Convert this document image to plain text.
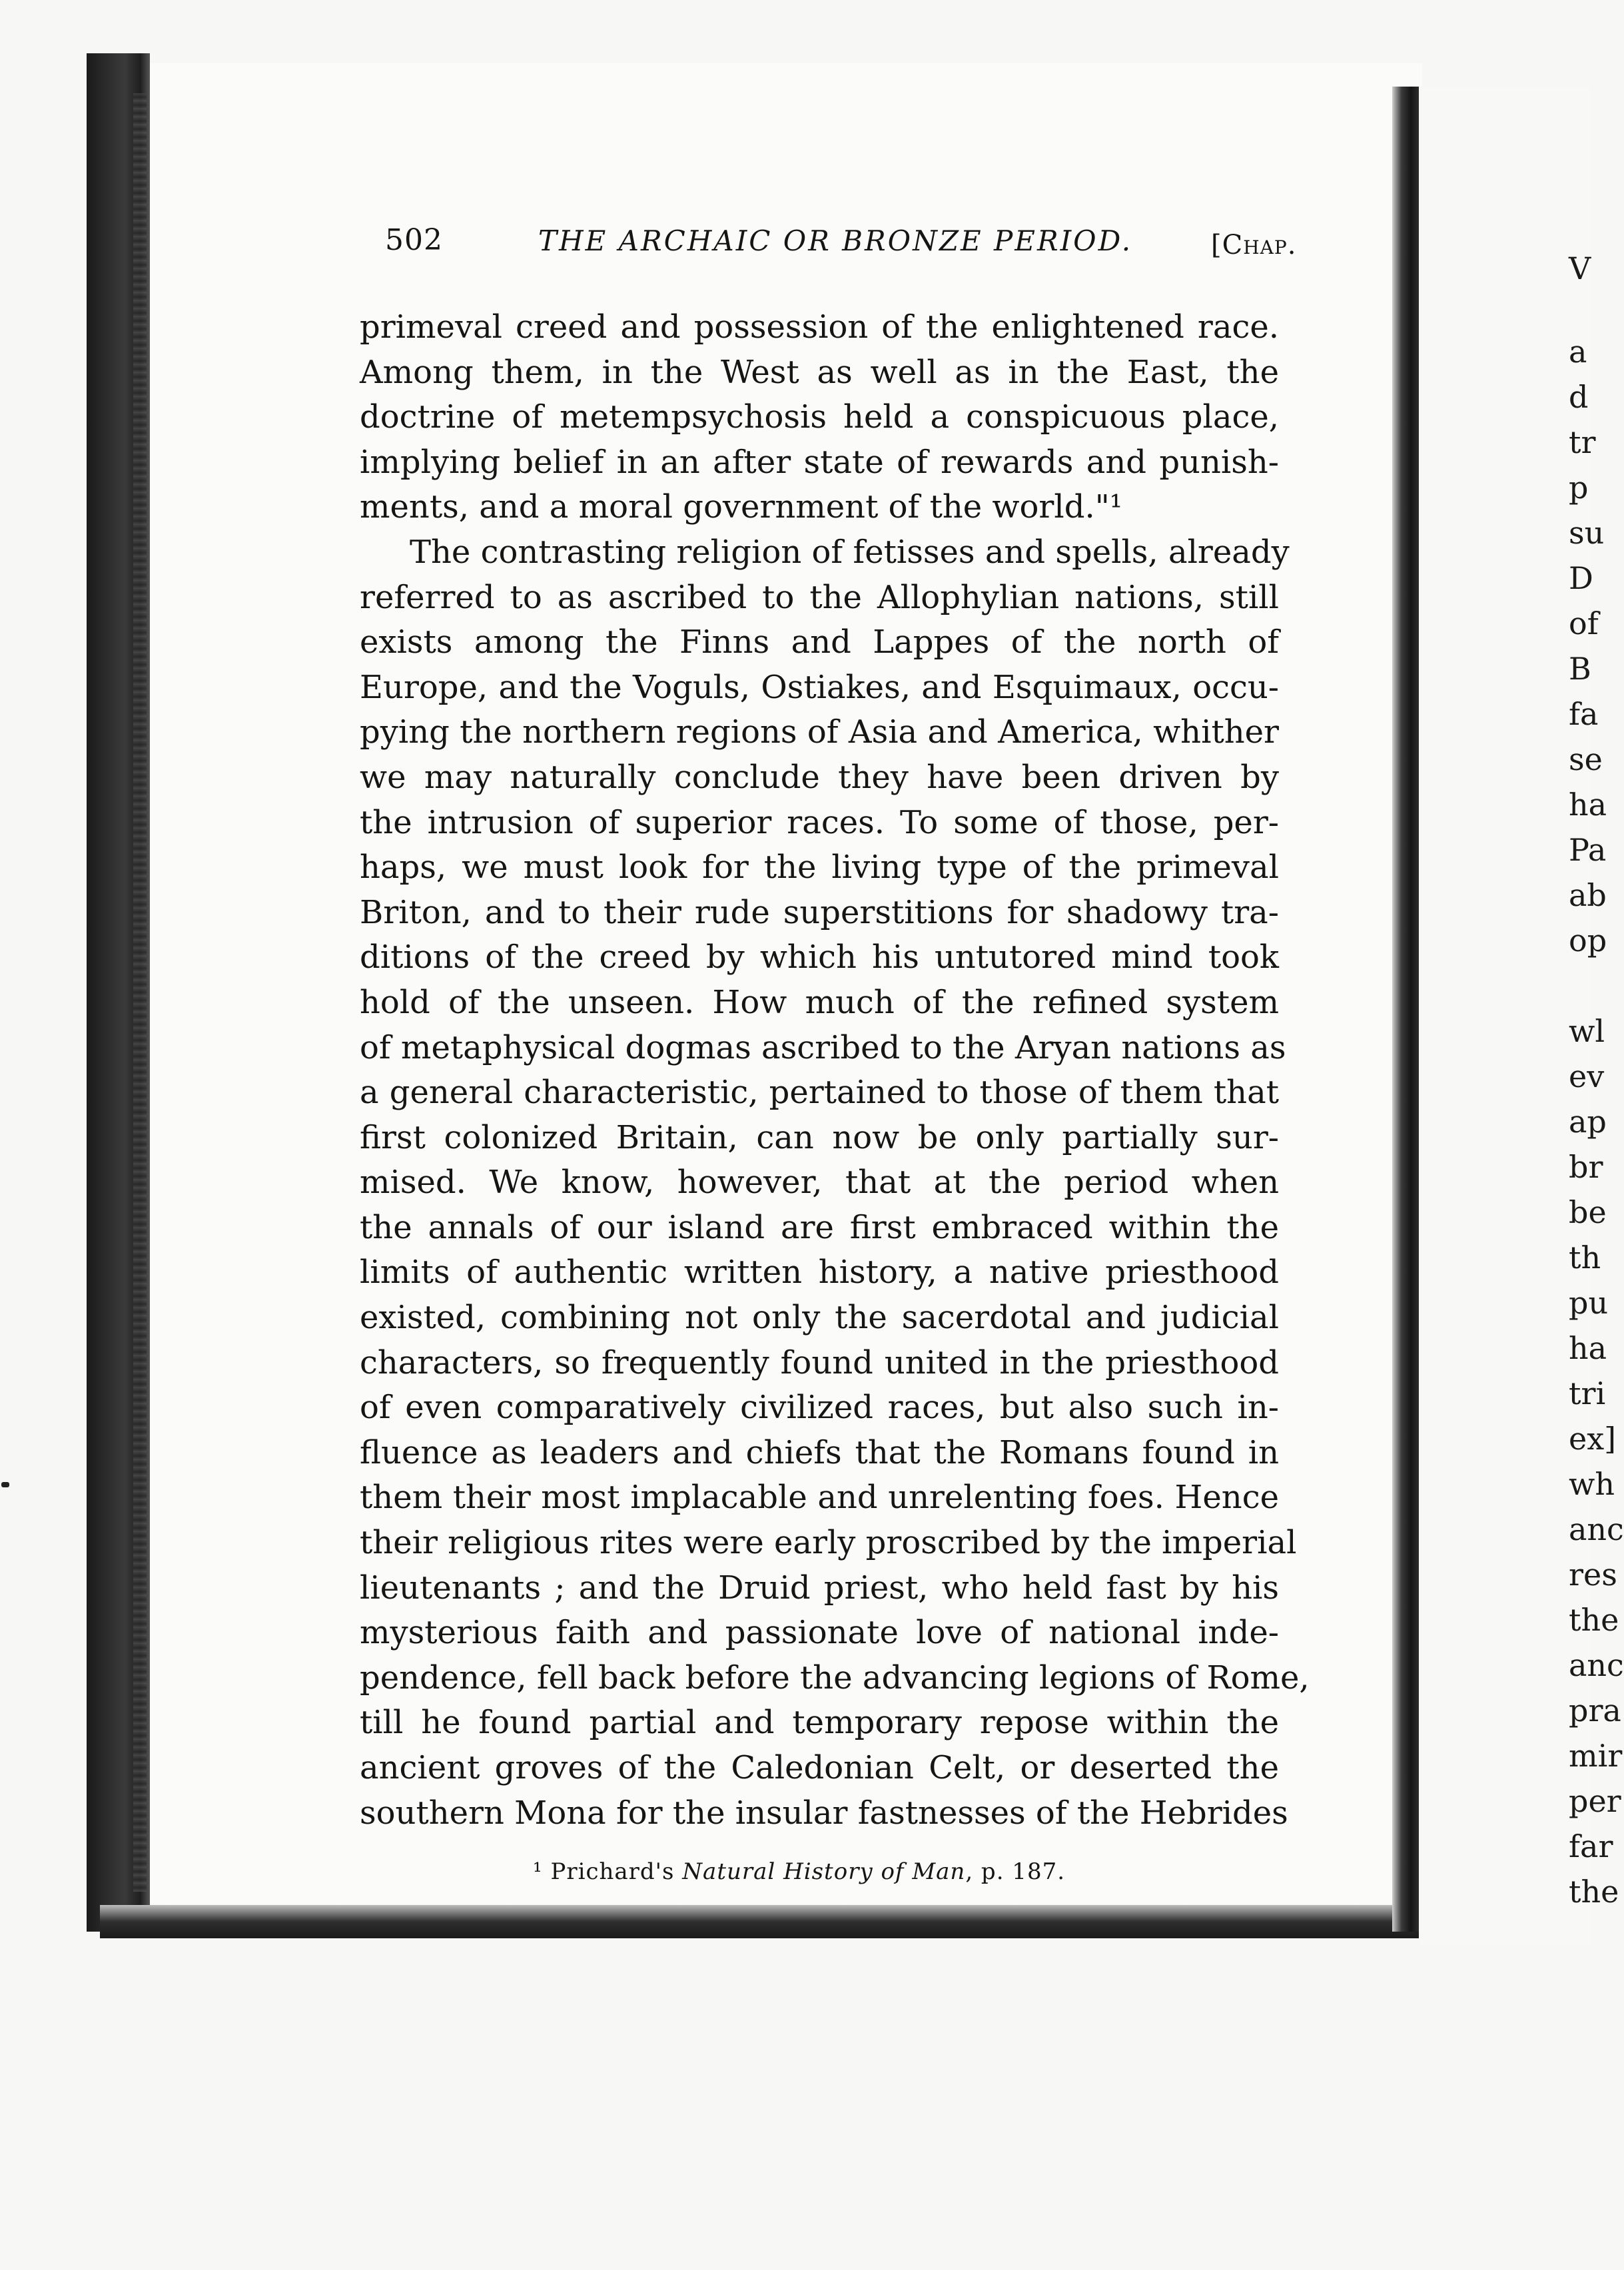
502	THE ARCHAIC OR BRONZE PERIOD.	[Chap.
primeval creed and possession of the enlightened race.
Among them, in the West as well as in the East, the
doctrine of metempsychosis held a conspicuous place,
implying belief in an after state of rewards and punish-
ments, and a moral government of the world."¹
The contrasting religion of fetisses and spells, already
referred to as ascribed to the Allophylian nations, still
exists among the Finns and Lappes of the north of
Europe, and the Voguls, Ostiakes, and Esquimaux, occu-
pying the northern regions of Asia and America, whither
we may naturally conclude they have been driven by
the intrusion of superior races. To some of those, per-
haps, we must look for the living type of the primeval
Briton, and to their rude superstitions for shadowy tra-
ditions of the creed by which his untutored mind took
hold of the unseen. How much of the refined system
of metaphysical dogmas ascribed to the Aryan nations as
a general characteristic, pertained to those of them that
first colonized Britain, can now be only partially sur-
mised. We know, however, that at the period when
the annals of our island are first embraced within the
limits of authentic written history, a native priesthood
existed, combining not only the sacerdotal and judicial
characters, so frequently found united in the priesthood
of even comparatively civilized races, but also such in-
fluence as leaders and chiefs that the Romans found in
them their most implacable and unrelenting foes. Hence
their religious rites were early proscribed by the imperial
lieutenants ; and the Druid priest, who held fast by his
mysterious faith and passionate love of national inde-
pendence, fell back before the advancing legions of Rome,
till he found partial and temporary repose within the
ancient groves of the Caledonian Celt, or deserted the
southern Mona for the insular fastnesses of the Hebrides
¹ Prichard's Natural History of Man, p. 187.
V
a
d
tr
p
su
D
of
B
fa
se
ha
Pa
ab
op
wl
ev
ap
br
be
th
pu
ha
tri
ex]
wh
anc
res
the
anc
pra
mir
per
far
the
